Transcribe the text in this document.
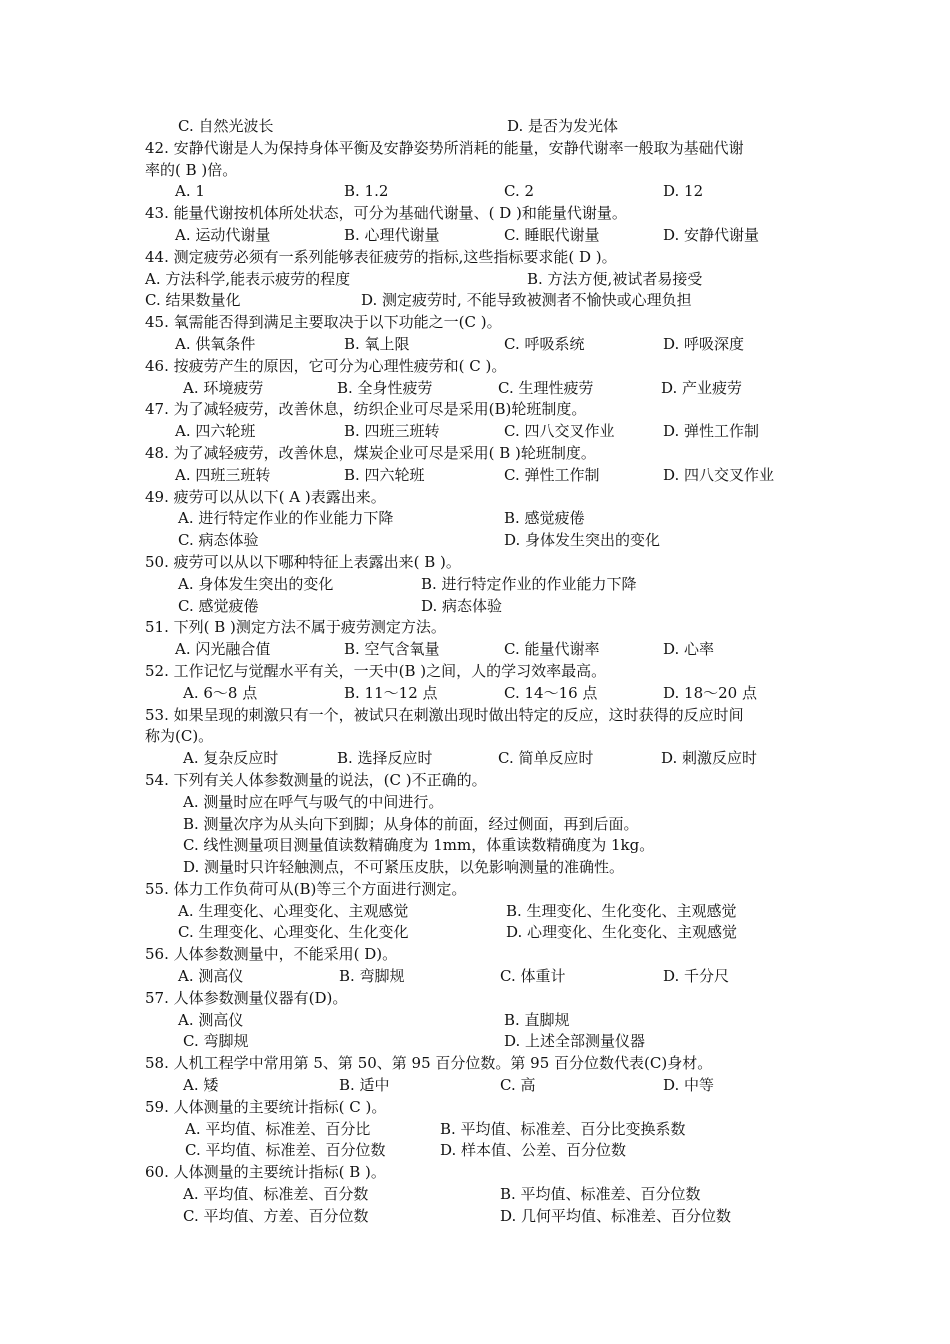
C. 自然光波长	D. 是否为发光体
42. 安静代谢是人为保持身体平衡及安静姿势所消耗的能量，安静代谢率一般取为基础代谢
率的( B )倍。
A. 1	B. 1.2	C. 2	D. 12
43. 能量代谢按机体所处状态，可分为基础代谢量、( D )和能量代谢量。
A. 运动代谢量	B. 心理代谢量	C. 睡眠代谢量	D. 安静代谢量
44. 测定疲劳必须有一系列能够表征疲劳的指标,这些指标要求能( D )。
A. 方法科学,能表示疲劳的程度	B. 方法方便,被试者易接受
C. 结果数量化	D. 测定疲劳时, 不能导致被测者不愉快或心理负担
45. 氧需能否得到满足主要取决于以下功能之一(C )。
A. 供氧条件	B. 氧上限	C. 呼吸系统	D. 呼吸深度
46. 按疲劳产生的原因，它可分为心理性疲劳和( C )。
A. 环境疲劳	B. 全身性疲劳	C. 生理性疲劳	D. 产业疲劳
47. 为了减轻疲劳，改善休息，纺织企业可尽是采用(B)轮班制度。
A. 四六轮班	B. 四班三班转	C. 四八交叉作业	D. 弹性工作制
48. 为了减轻疲劳，改善休息，煤炭企业可尽是采用( B )轮班制度。
A. 四班三班转	B. 四六轮班	C. 弹性工作制	D. 四八交叉作业
49. 疲劳可以从以下( A )表露出来。
A. 进行特定作业的作业能力下降	B. 感觉疲倦
C. 病态体验	D. 身体发生突出的变化
50. 疲劳可以从以下哪种特征上表露出来( B )。
A. 身体发生突出的变化	B. 进行特定作业的作业能力下降
C. 感觉疲倦	D. 病态体验
51. 下列( B )测定方法不属于疲劳测定方法。
A. 闪光融合值	B. 空气含氧量	C. 能量代谢率	D. 心率
52. 工作记忆与觉醒水平有关，一天中(B )之间，人的学习效率最高。
A. 6～8 点	B. 11～12 点	C. 14～16 点	D. 18～20 点
53. 如果呈现的刺激只有一个，被试只在刺激出现时做出特定的反应，这时获得的反应时间
称为(C)。
A. 复杂反应时	B. 选择反应时	C. 简单反应时	D. 刺激反应时
54. 下列有关人体参数测量的说法，(C )不正确的。
A. 测量时应在呼气与吸气的中间进行。
B. 测量次序为从头向下到脚；从身体的前面，经过侧面，再到后面。
C. 线性测量项目测量值读数精确度为 1mm，体重读数精确度为 1kg。
D. 测量时只许轻触测点，不可紧压皮肤，以免影响测量的准确性。
55. 体力工作负荷可从(B)等三个方面进行测定。
A. 生理变化、心理变化、主观感觉	B. 生理变化、生化变化、主观感觉
C. 生理变化、心理变化、生化变化	D. 心理变化、生化变化、主观感觉
56. 人体参数测量中，不能采用( D)。
A. 测高仪	B. 弯脚规	C. 体重计	D. 千分尺
57. 人体参数测量仪器有(D)。
A. 测高仪	B. 直脚规
C. 弯脚规	D. 上述全部测量仪器
58. 人机工程学中常用第 5、第 50、第 95 百分位数。第 95 百分位数代表(C)身材。
A. 矮	B. 适中	C. 高	D. 中等
59. 人体测量的主要统计指标( C )。
A. 平均值、标准差、百分比	B. 平均值、标准差、百分比变换系数
C. 平均值、标准差、百分位数	D. 样本值、公差、百分位数
60. 人体测量的主要统计指标( B )。
A. 平均值、标准差、百分数	B. 平均值、标准差、百分位数
C. 平均值、方差、百分位数	D. 几何平均值、标准差、百分位数
